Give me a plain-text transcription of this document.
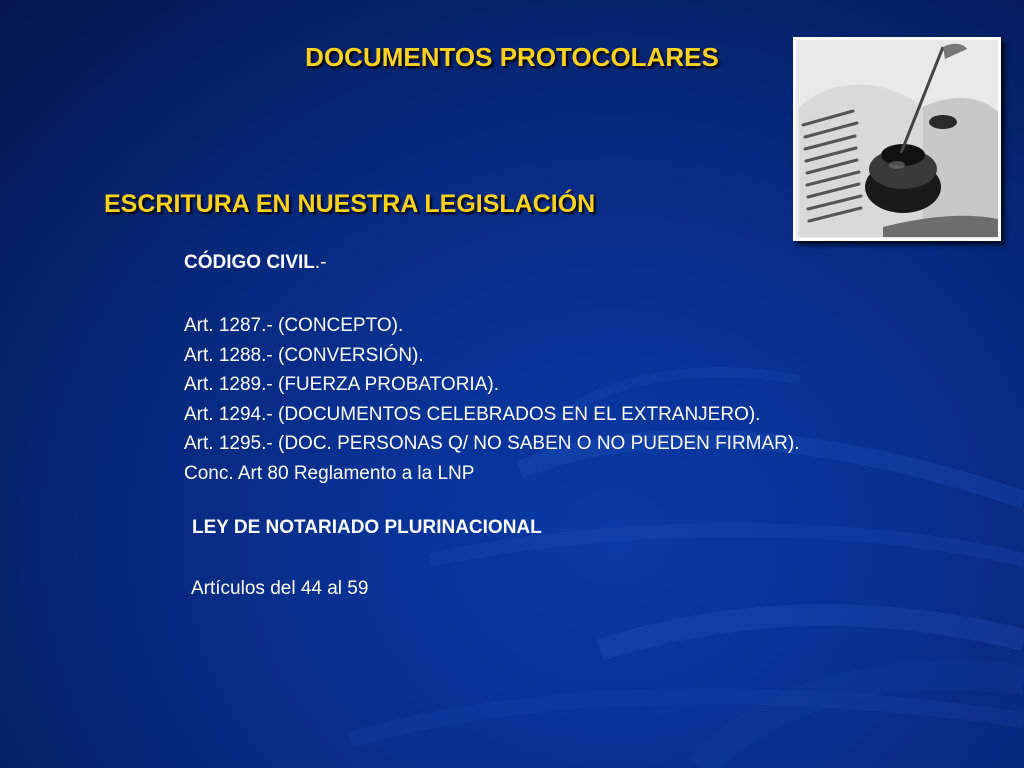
DOCUMENTOS PROTOCOLARES
ESCRITURA EN NUESTRA LEGISLACIÓN
CÓDIGO CIVIL.-
Art. 1287.- (CONCEPTO).
Art. 1288.- (CONVERSIÓN).
Art. 1289.- (FUERZA PROBATORIA).
Art. 1294.- (DOCUMENTOS CELEBRADOS EN EL EXTRANJERO).
Art. 1295.- (DOC. PERSONAS Q/ NO SABEN O NO PUEDEN FIRMAR).
Conc. Art 80 Reglamento a la LNP
LEY DE NOTARIADO PLURINACIONAL
Artículos del 44 al 59
